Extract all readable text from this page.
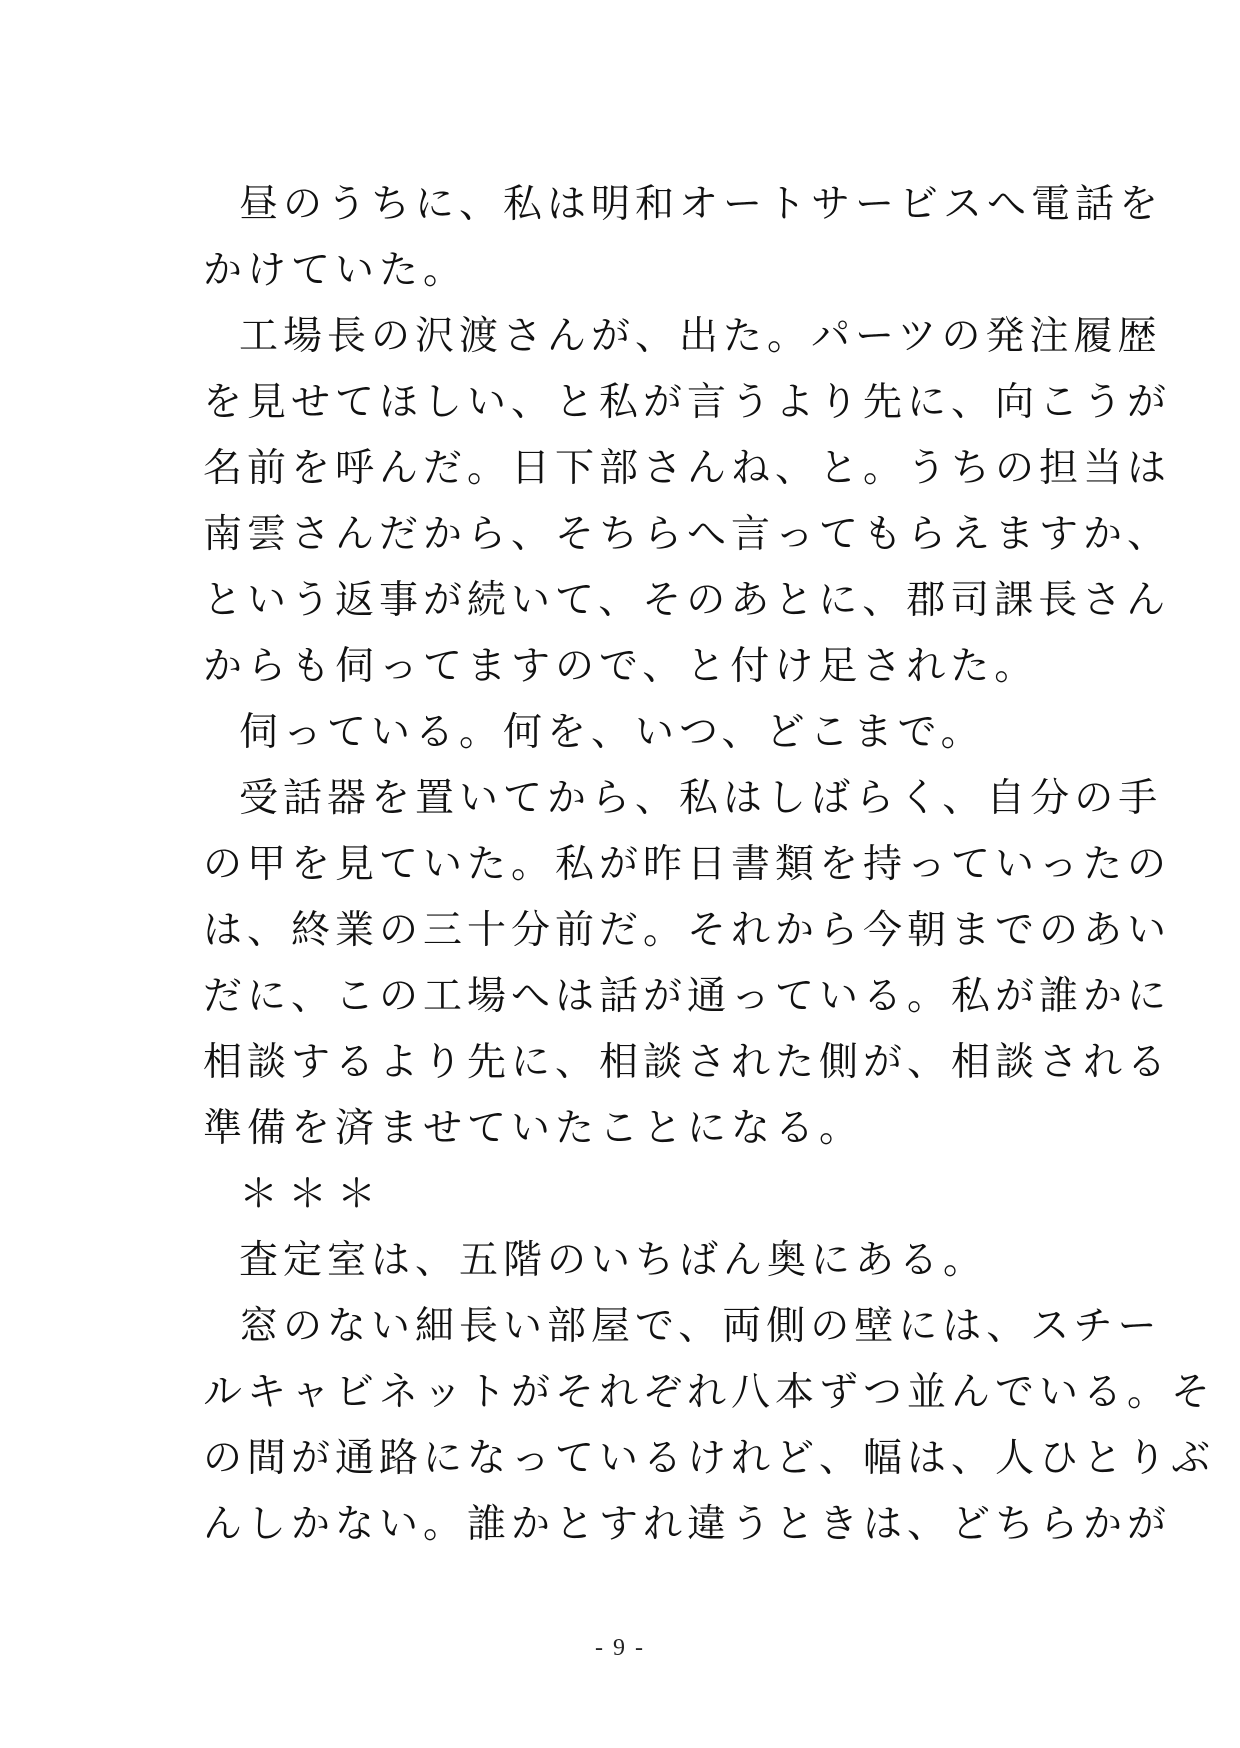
昼のうちに、私は明和オートサービスへ電話を
かけていた。
工場長の沢渡さんが、出た。パーツの発注履歴
を見せてほしい、と私が言うより先に、向こうが
名前を呼んだ。日下部さんね、と。うちの担当は
南雲さんだから、そちらへ言ってもらえますか、
という返事が続いて、そのあとに、郡司課長さん
からも伺ってますので、と付け足された。
伺っている。何を、いつ、どこまで。
受話器を置いてから、私はしばらく、自分の手
の甲を見ていた。私が昨日書類を持っていったの
は、終業の三十分前だ。それから今朝までのあい
だに、この工場へは話が通っている。私が誰かに
相談するより先に、相談された側が、相談される
準備を済ませていたことになる。
＊＊＊
査定室は、五階のいちばん奥にある。
窓のない細長い部屋で、両側の壁には、スチー
ルキャビネットがそれぞれ八本ずつ並んでいる。そ
の間が通路になっているけれど、幅は、人ひとりぶ
んしかない。誰かとすれ違うときは、どちらかが
- 9 -
